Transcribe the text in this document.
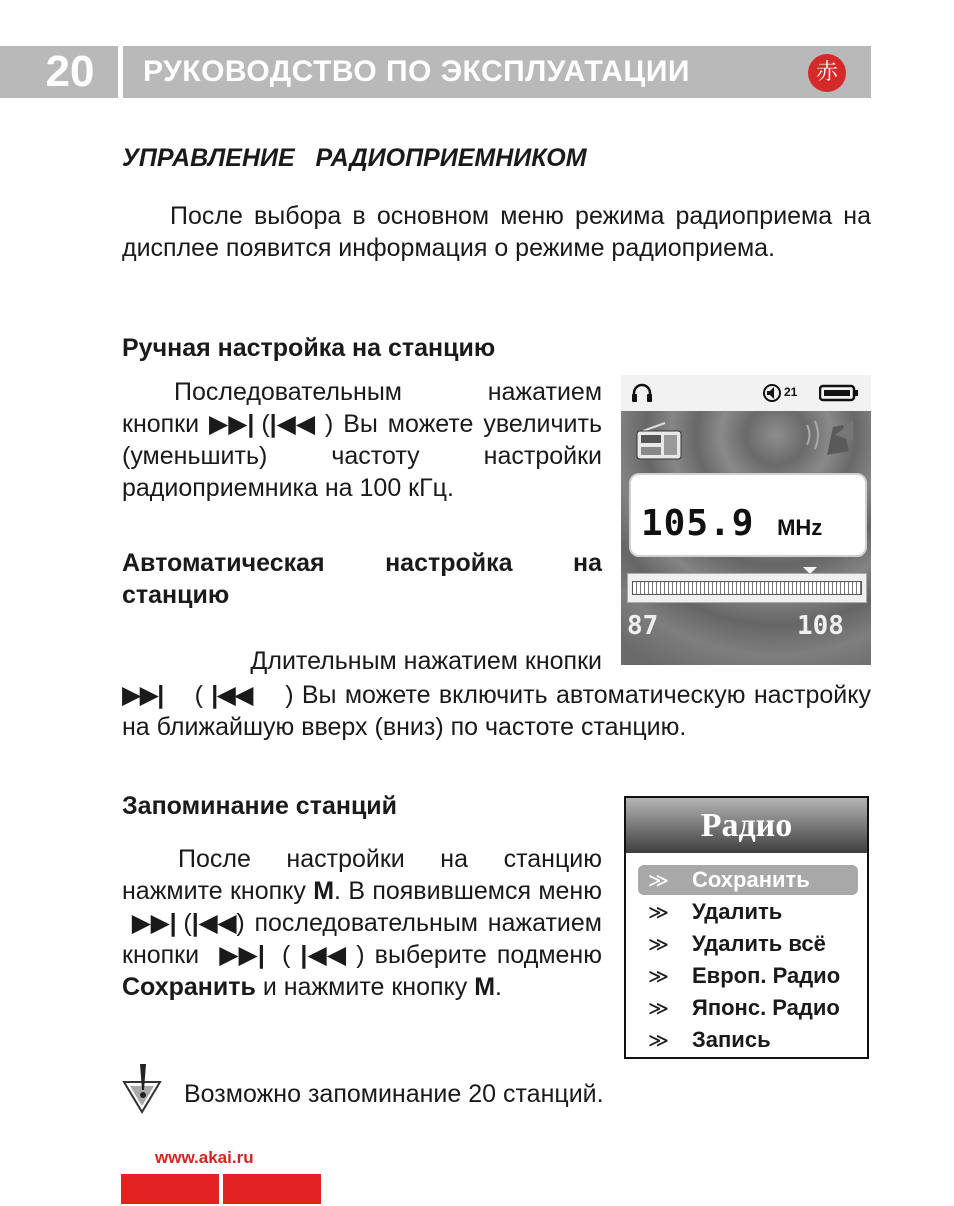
20	РУКОВОДСТВО ПО ЭКСПЛУАТАЦИИ	赤
УПРАВЛЕНИЕ   РАДИОПРИЕМНИКОМ
После выбора в основном меню режима радиоприема на дисплее появится информация о режиме радиоприема.
Ручная настройка на станцию
Последовательным нажатием кнопки ▶▶| (|◀◀ ) Вы можете увеличить (уменьшить) частоту настройки радиоприемника на 100 кГц.
Автоматическая настройка на станцию
Длительным нажатием кнопки
▶▶| ( |◀◀ ) Вы можете включить автоматическую настройку на ближайшую вверх (вниз) по частоте станцию.
Запоминание станций
После настройки на станцию нажмите кнопку М. В появившемся меню  ▶▶| (|◀◀) последовательным нажатием кнопки ▶▶| ( |◀◀ ) выберите подменю Сохранить и нажмите кнопку М.
21
105.9 MHz
87	108
Радио
≫ Сохранить
≫ Удалить
≫ Удалить всё
≫ Европ. Радио
≫ Японс. Радио
≫ Запись
Возможно запоминание 20 станций.
www.akai.ru
